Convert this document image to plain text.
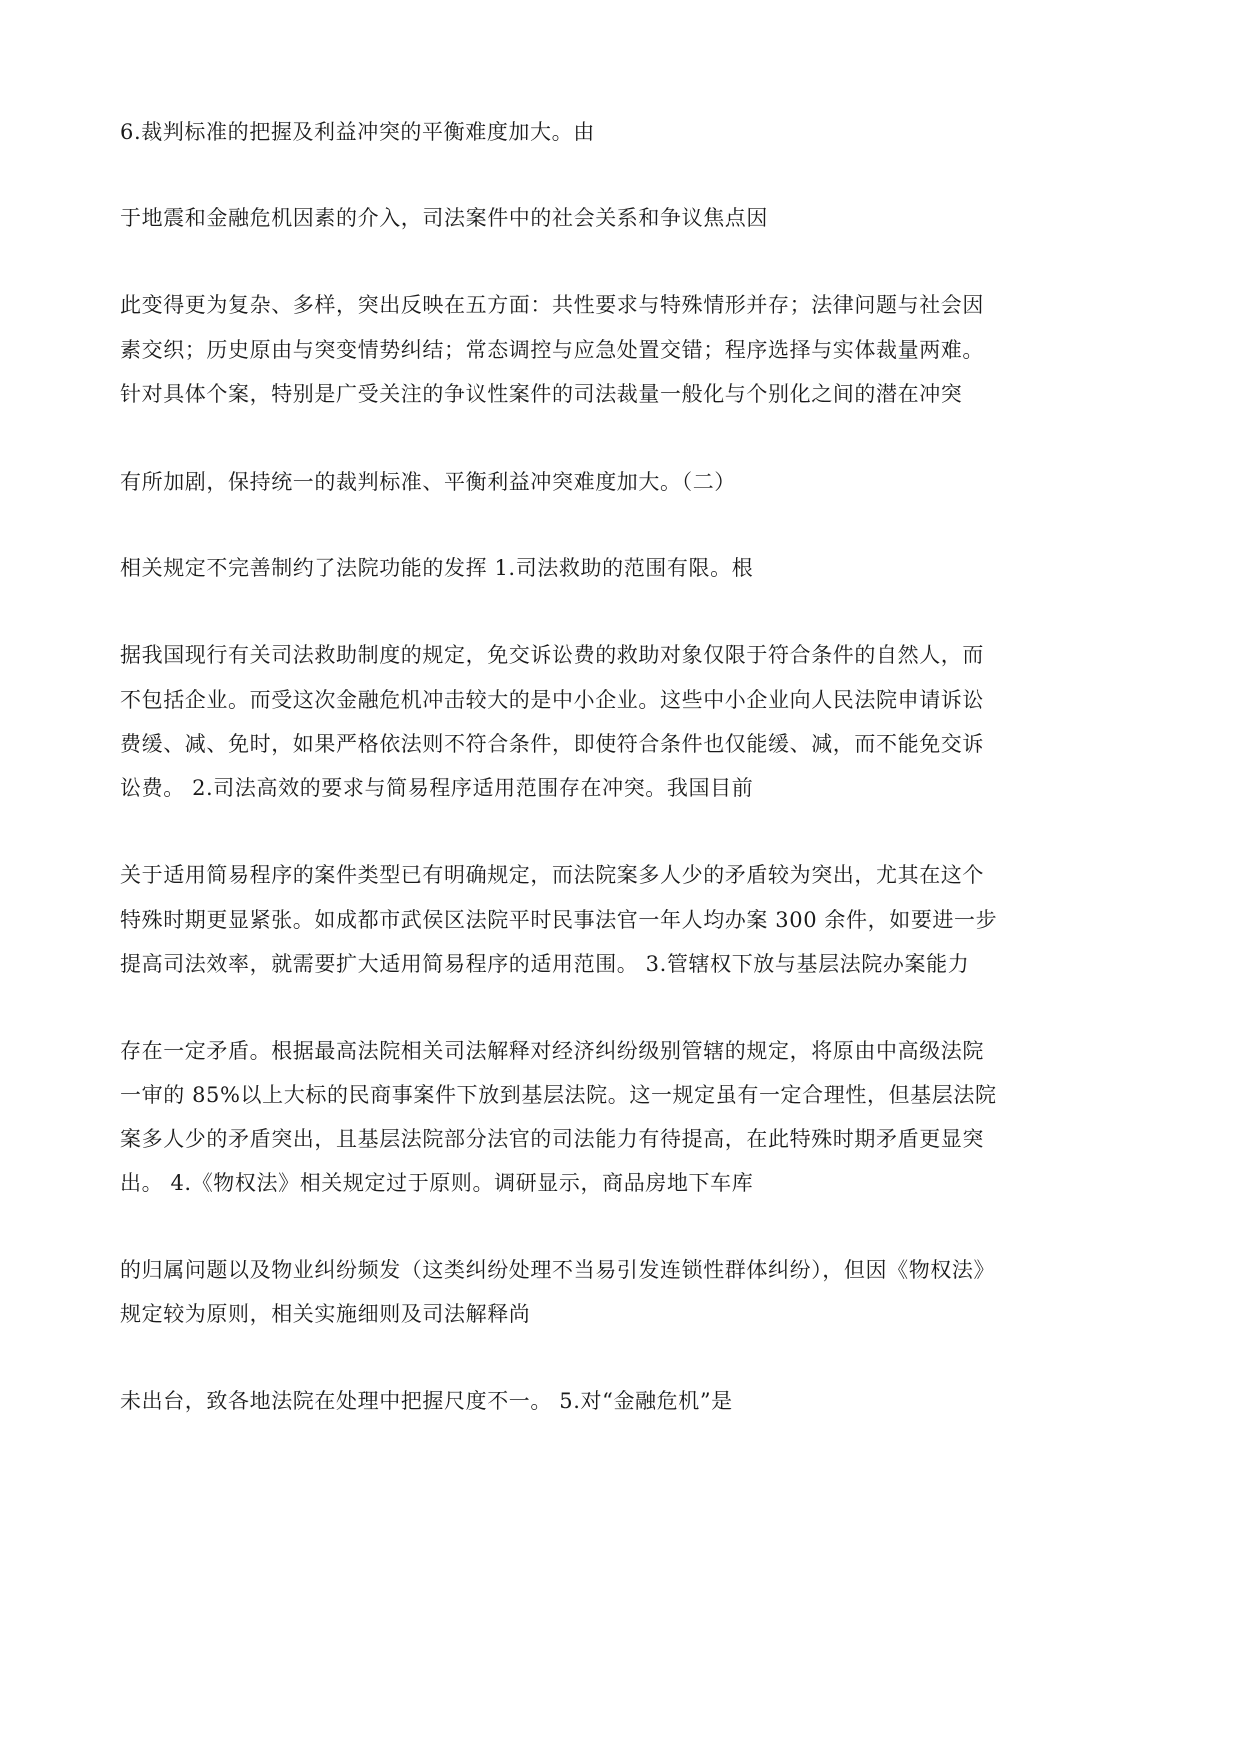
6.裁判标准的把握及利益冲突的平衡难度加大。由

于地震和金融危机因素的介入，司法案件中的社会关系和争议焦点因

此变得更为复杂、多样，突出反映在五方面：共性要求与特殊情形并存；法律问题与社会因

素交织；历史原由与突变情势纠结；常态调控与应急处置交错；程序选择与实体裁量两难。

针对具体个案，特别是广受关注的争议性案件的司法裁量一般化与个别化之间的潜在冲突

有所加剧，保持统一的裁判标准、平衡利益冲突难度加大。（二）

相关规定不完善制约了法院功能的发挥 1.司法救助的范围有限。根

据我国现行有关司法救助制度的规定，免交诉讼费的救助对象仅限于符合条件的自然人，而

不包括企业。而受这次金融危机冲击较大的是中小企业。这些中小企业向人民法院申请诉讼

费缓、减、免时，如果严格依法则不符合条件，即使符合条件也仅能缓、减，而不能免交诉

讼费。 2.司法高效的要求与简易程序适用范围存在冲突。我国目前

关于适用简易程序的案件类型已有明确规定，而法院案多人少的矛盾较为突出，尤其在这个

特殊时期更显紧张。如成都市武侯区法院平时民事法官一年人均办案 300 余件，如要进一步

提高司法效率，就需要扩大适用简易程序的适用范围。 3.管辖权下放与基层法院办案能力

存在一定矛盾。根据最高法院相关司法解释对经济纠纷级别管辖的规定，将原由中高级法院

一审的 85%以上大标的民商事案件下放到基层法院。这一规定虽有一定合理性，但基层法院

案多人少的矛盾突出，且基层法院部分法官的司法能力有待提高，在此特殊时期矛盾更显突

出。 4.《物权法》相关规定过于原则。调研显示，商品房地下车库

的归属问题以及物业纠纷频发（这类纠纷处理不当易引发连锁性群体纠纷），但因《物权法》

规定较为原则，相关实施细则及司法解释尚

未出台，致各地法院在处理中把握尺度不一。 5.对“金融危机”是
